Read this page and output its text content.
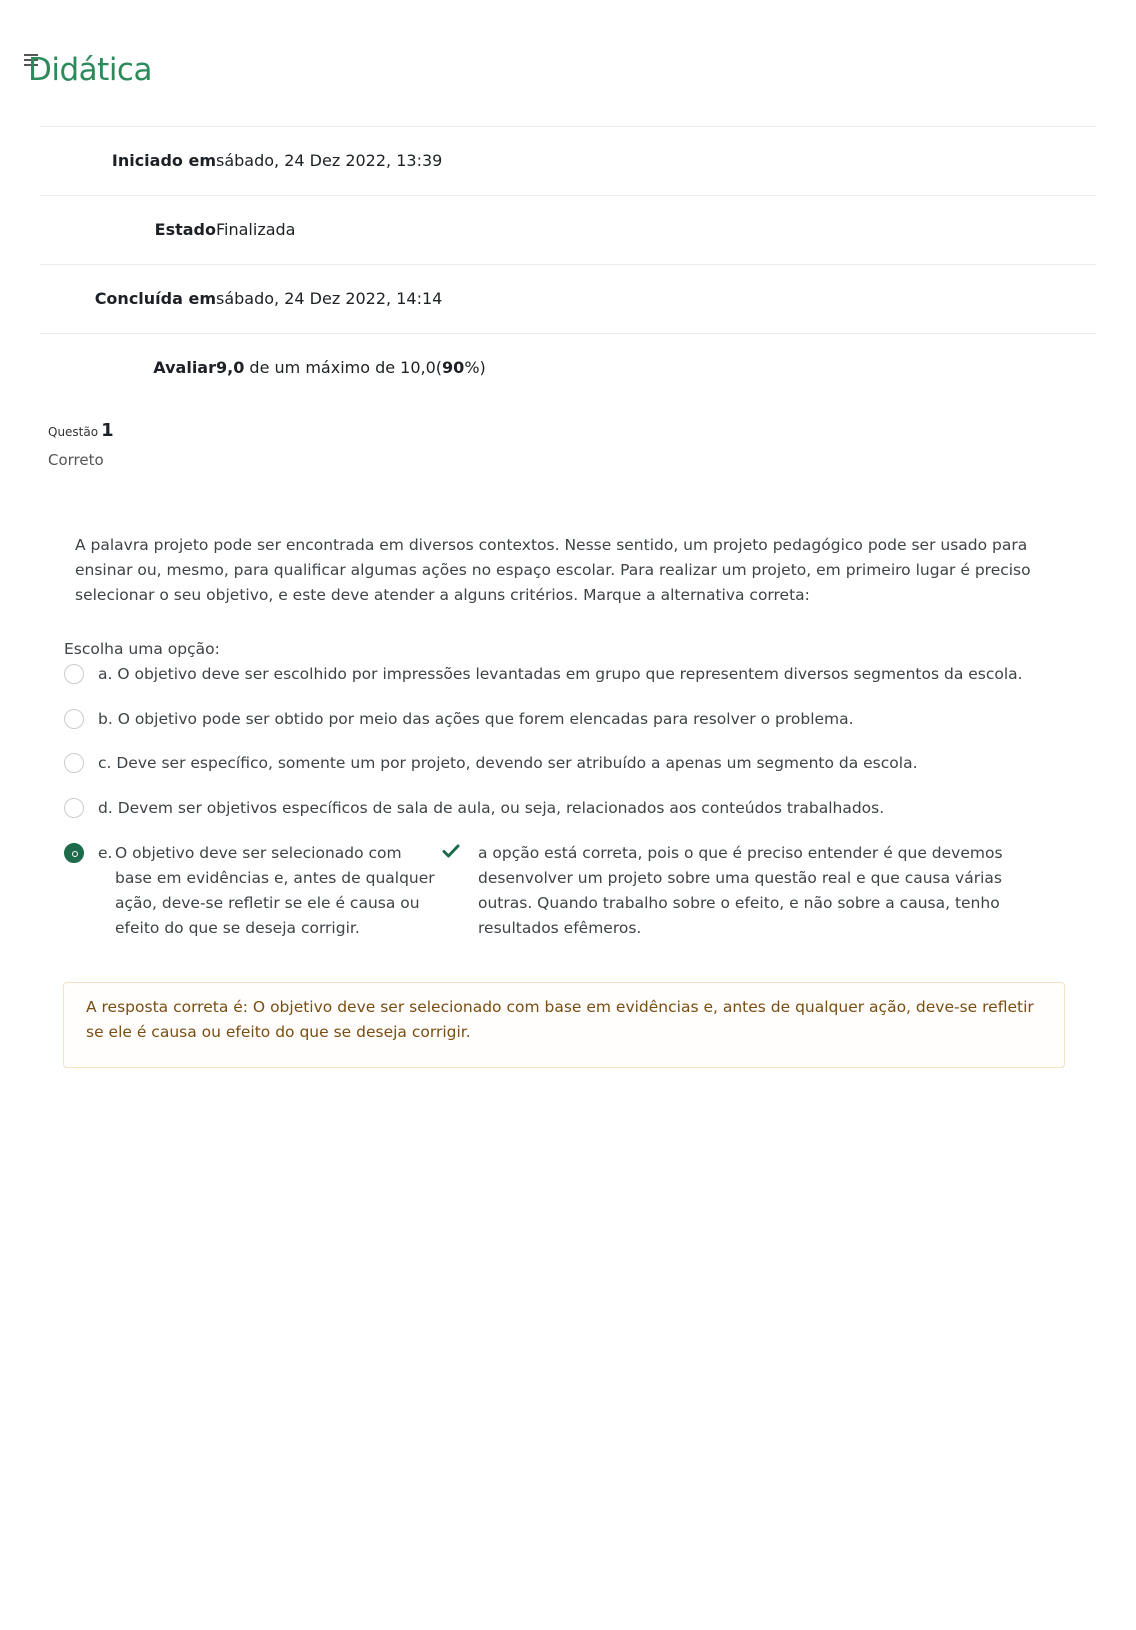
Didática
Iniciado em sábado, 24 Dez 2022, 13:39
Estado Finalizada
Concluída em sábado, 24 Dez 2022, 14:14
Avaliar 9,0 de um máximo de 10,0(90%)
Questão 1
Correto
A palavra projeto pode ser encontrada em diversos contextos. Nesse sentido, um projeto pedagógico pode ser usado para ensinar ou, mesmo, para qualificar algumas ações no espaço escolar. Para realizar um projeto, em primeiro lugar é preciso selecionar o seu objetivo, e este deve atender a alguns critérios. Marque a alternativa correta:
Escolha uma opção:
a. O objetivo deve ser escolhido por impressões levantadas em grupo que representem diversos segmentos da escola.
b. O objetivo pode ser obtido por meio das ações que forem elencadas para resolver o problema.
c. Deve ser específico, somente um por projeto, devendo ser atribuído a apenas um segmento da escola.
d. Devem ser objetivos específicos de sala de aula, ou seja, relacionados aos conteúdos trabalhados.
e. O objetivo deve ser selecionado com base em evidências e, antes de qualquer ação, deve-se refletir se ele é causa ou efeito do que se deseja corrigir.
a opção está correta, pois o que é preciso entender é que devemos desenvolver um projeto sobre uma questão real e que causa várias outras. Quando trabalho sobre o efeito, e não sobre a causa, tenho resultados efêmeros.
A resposta correta é: O objetivo deve ser selecionado com base em evidências e, antes de qualquer ação, deve-se refletir se ele é causa ou efeito do que se deseja corrigir.
